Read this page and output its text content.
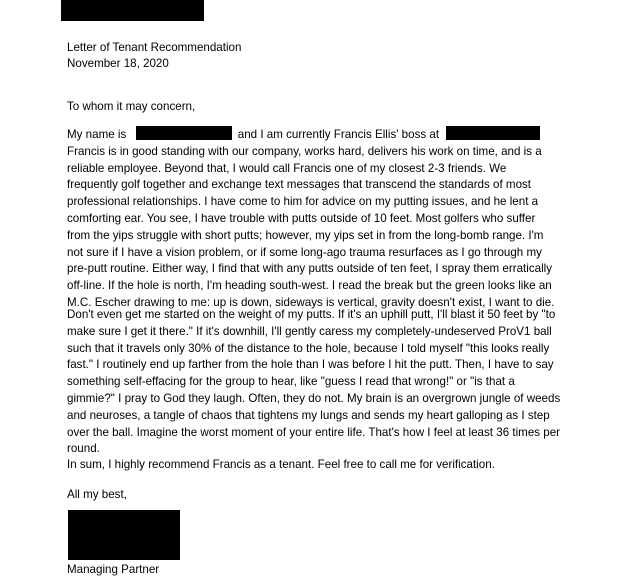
Letter of Tenant Recommendation
November 18, 2020
To whom it may concern,
My name is	and I am currently Francis Ellis' boss at
Francis is in good standing with our company, works hard, delivers his work on time, and is a
reliable employee. Beyond that, I would call Francis one of my closest 2-3 friends. We
frequently golf together and exchange text messages that transcend the standards of most
professional relationships. I have come to him for advice on my putting issues, and he lent a
comforting ear. You see, I have trouble with putts outside of 10 feet. Most golfers who suffer
from the yips struggle with short putts; however, my yips set in from the long-bomb range. I'm
not sure if I have a vision problem, or if some long-ago trauma resurfaces as I go through my
pre-putt routine. Either way, I find that with any putts outside of ten feet, I spray them erratically
off-line. If the hole is north, I'm heading south-west. I read the break but the green looks like an
M.C. Escher drawing to me: up is down, sideways is vertical, gravity doesn't exist, I want to die.
Don't even get me started on the weight of my putts. If it's an uphill putt, I'll blast it 50 feet by "to
make sure I get it there." If it's downhill, I'll gently caress my completely-undeserved ProV1 ball
such that it travels only 30% of the distance to the hole, because I told myself "this looks really
fast." I routinely end up farther from the hole than I was before I hit the putt. Then, I have to say
something self-effacing for the group to hear, like "guess I read that wrong!" or "is that a
gimmie?" I pray to God they laugh. Often, they do not. My brain is an overgrown jungle of weeds
and neuroses, a tangle of chaos that tightens my lungs and sends my heart galloping as I step
over the ball. Imagine the worst moment of your entire life. That's how I feel at least 36 times per
round.
In sum, I highly recommend Francis as a tenant. Feel free to call me for verification.
All my best,
Managing Partner
